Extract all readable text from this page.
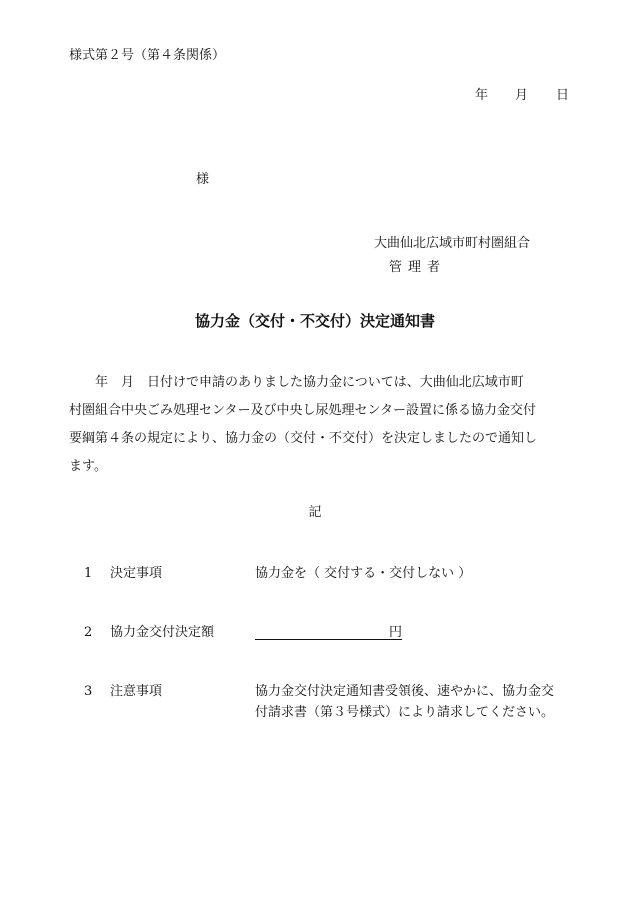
様式第２号（第４条関係）
年 月 日
様
大曲仙北広域市町村圏組合
管理者
協力金（交付・不交付）決定通知書
　　年　月　日付けで申請のありました協力金については、大曲仙北広域市町
村圏組合中央ごみ処理センター及び中央し尿処理センター設置に係る協力金交付
要綱第４条の規定により、協力金の（交付・不交付）を決定しましたので通知し
ます。
記
1 決定事項	協力金を（ 交付する・交付しない ）
2 協力金交付決定額	円
3 注意事項	協力金交付決定通知書受領後、速やかに、協力金交
付請求書（第３号様式）により請求してください。
